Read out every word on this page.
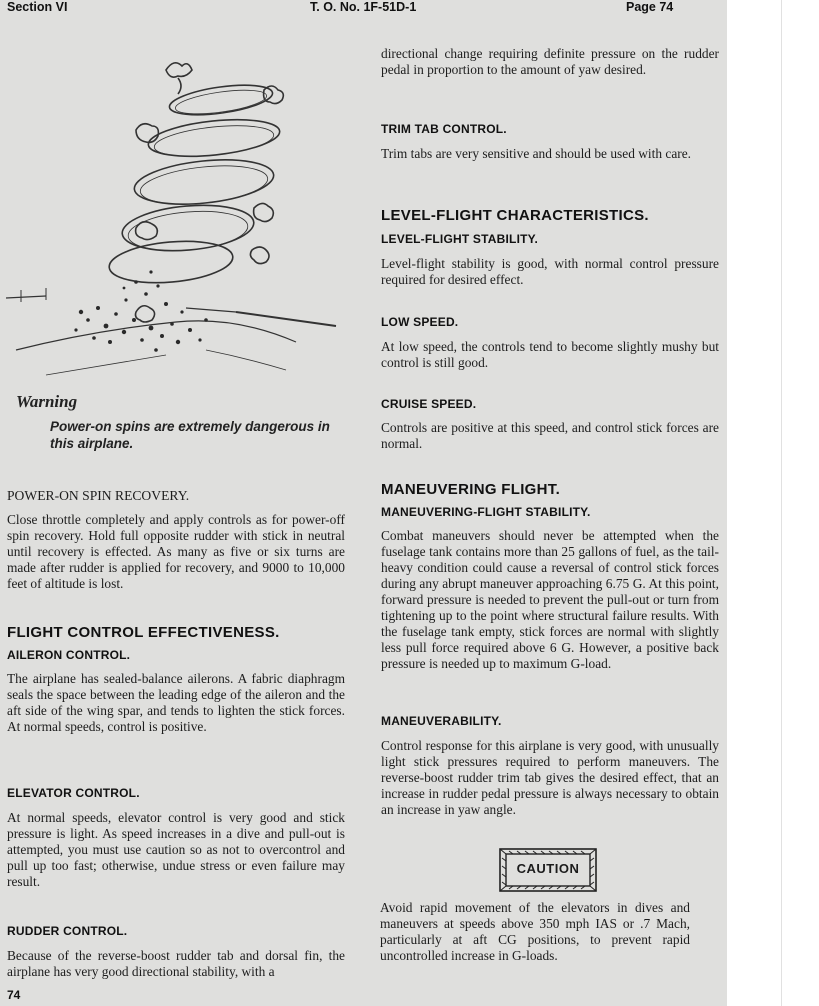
Section VI	T. O. No. 1F-51D-1	Page 74
Warning
Power-on spins are extremely dangerous in this airplane.
POWER-ON SPIN RECOVERY.

Close throttle completely and apply controls as for power-off spin recovery. Hold full opposite rudder with stick in neutral until recovery is effected. As many as five or six turns are made after rudder is applied for recovery, and 9000 to 10,000 feet of altitude is lost.

FLIGHT CONTROL EFFECTIVENESS.
AILERON CONTROL.

The airplane has sealed-balance ailerons. A fabric diaphragm seals the space between the leading edge of the aileron and the aft side of the wing spar, and tends to lighten the stick forces. At normal speeds, control is positive.

ELEVATOR CONTROL.

At normal speeds, elevator control is very good and stick pressure is light. As speed increases in a dive and pull-out is attempted, you must use caution so as not to overcontrol and pull up too fast; otherwise, undue stress or even failure may result.

RUDDER CONTROL.

Because of the reverse-boost rudder tab and dorsal fin, the airplane has very good directional stability, with a

74

directional change requiring definite pressure on the rudder pedal in proportion to the amount of yaw desired.

TRIM TAB CONTROL.

Trim tabs are very sensitive and should be used with care.

LEVEL-FLIGHT CHARACTERISTICS.
LEVEL-FLIGHT STABILITY.

Level-flight stability is good, with normal control pressure required for desired effect.

LOW SPEED.

At low speed, the controls tend to become slightly mushy but control is still good.

CRUISE SPEED.

Controls are positive at this speed, and control stick forces are normal.

MANEUVERING FLIGHT.
MANEUVERING-FLIGHT STABILITY.

Combat maneuvers should never be attempted when the fuselage tank contains more than 25 gallons of fuel, as the tail-heavy condition could cause a reversal of control stick forces during any abrupt maneuver approaching 6.75 G. At this point, forward pressure is needed to prevent the pull-out or turn from tightening up to the point where structural failure results. With the fuselage tank empty, stick forces are normal with slightly less pull force required above 6 G. However, a positive back pressure is needed up to maximum G-load.

MANEUVERABILITY.

Control response for this airplane is very good, with unusually light stick pressures required to perform maneuvers. The reverse-boost rudder trim tab gives the desired effect, that an increase in rudder pedal pressure is always necessary to obtain an increase in yaw angle.

CAUTION

Avoid rapid movement of the elevators in dives and maneuvers at speeds above 350 mph IAS or .7 Mach, particularly at aft CG positions, to prevent rapid uncontrolled increase in G-loads.
